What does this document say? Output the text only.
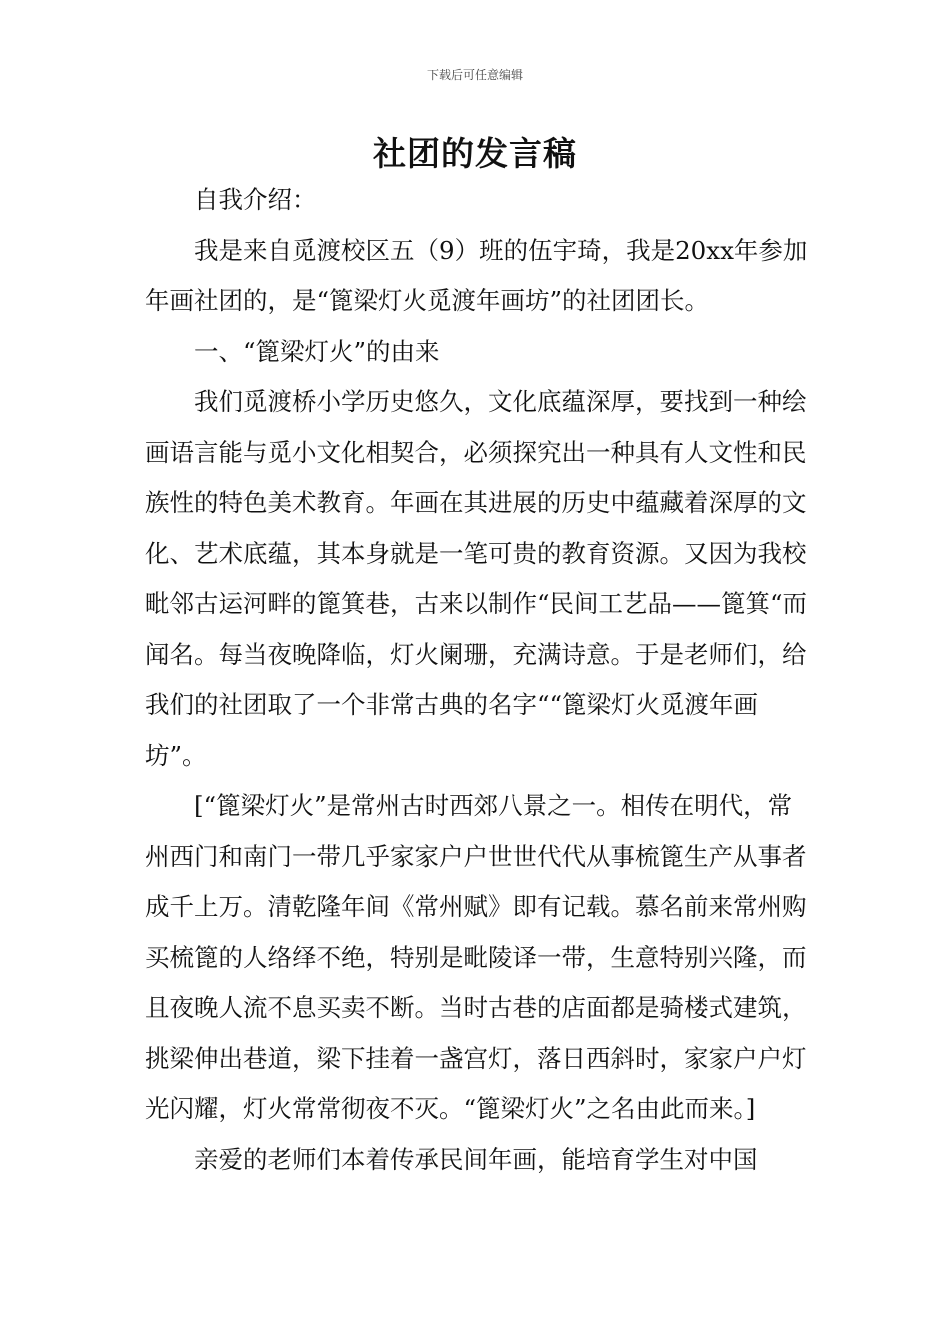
下载后可任意编辑
社团的发言稿

自我介绍：

我是来自觅渡校区五（9）班的伍宇琦，我是20xx年参加年画社团的，是“篦梁灯火觅渡年画坊”的社团团长。

一、“篦梁灯火”的由来

我们觅渡桥小学历史悠久，文化底蕴深厚，要找到一种绘画语言能与觅小文化相契合，必须探究出一种具有人文性和民族性的特色美术教育。年画在其进展的历史中蕴藏着深厚的文化、艺术底蕴，其本身就是一笔可贵的教育资源。又因为我校毗邻古运河畔的篦箕巷，古来以制作“民间工艺品——篦箕“而闻名。每当夜晚降临，灯火阑珊，充满诗意。于是老师们，给我们的社团取了一个非常古典的名字““篦梁灯火觅渡年画坊”。

[“篦梁灯火”是常州古时西郊八景之一。相传在明代，常州西门和南门一带几乎家家户户世世代代从事梳篦生产从事者成千上万。清乾隆年间《常州赋》即有记载。慕名前来常州购买梳篦的人络绎不绝，特别是毗陵译一带，生意特别兴隆，而且夜晚人流不息买卖不断。当时古巷的店面都是骑楼式建筑，挑梁伸出巷道，梁下挂着一盏宫灯，落日西斜时，家家户户灯光闪耀，灯火常常彻夜不灭。“篦梁灯火”之名由此而来。]

亲爱的老师们本着传承民间年画，能培育学生对中国
